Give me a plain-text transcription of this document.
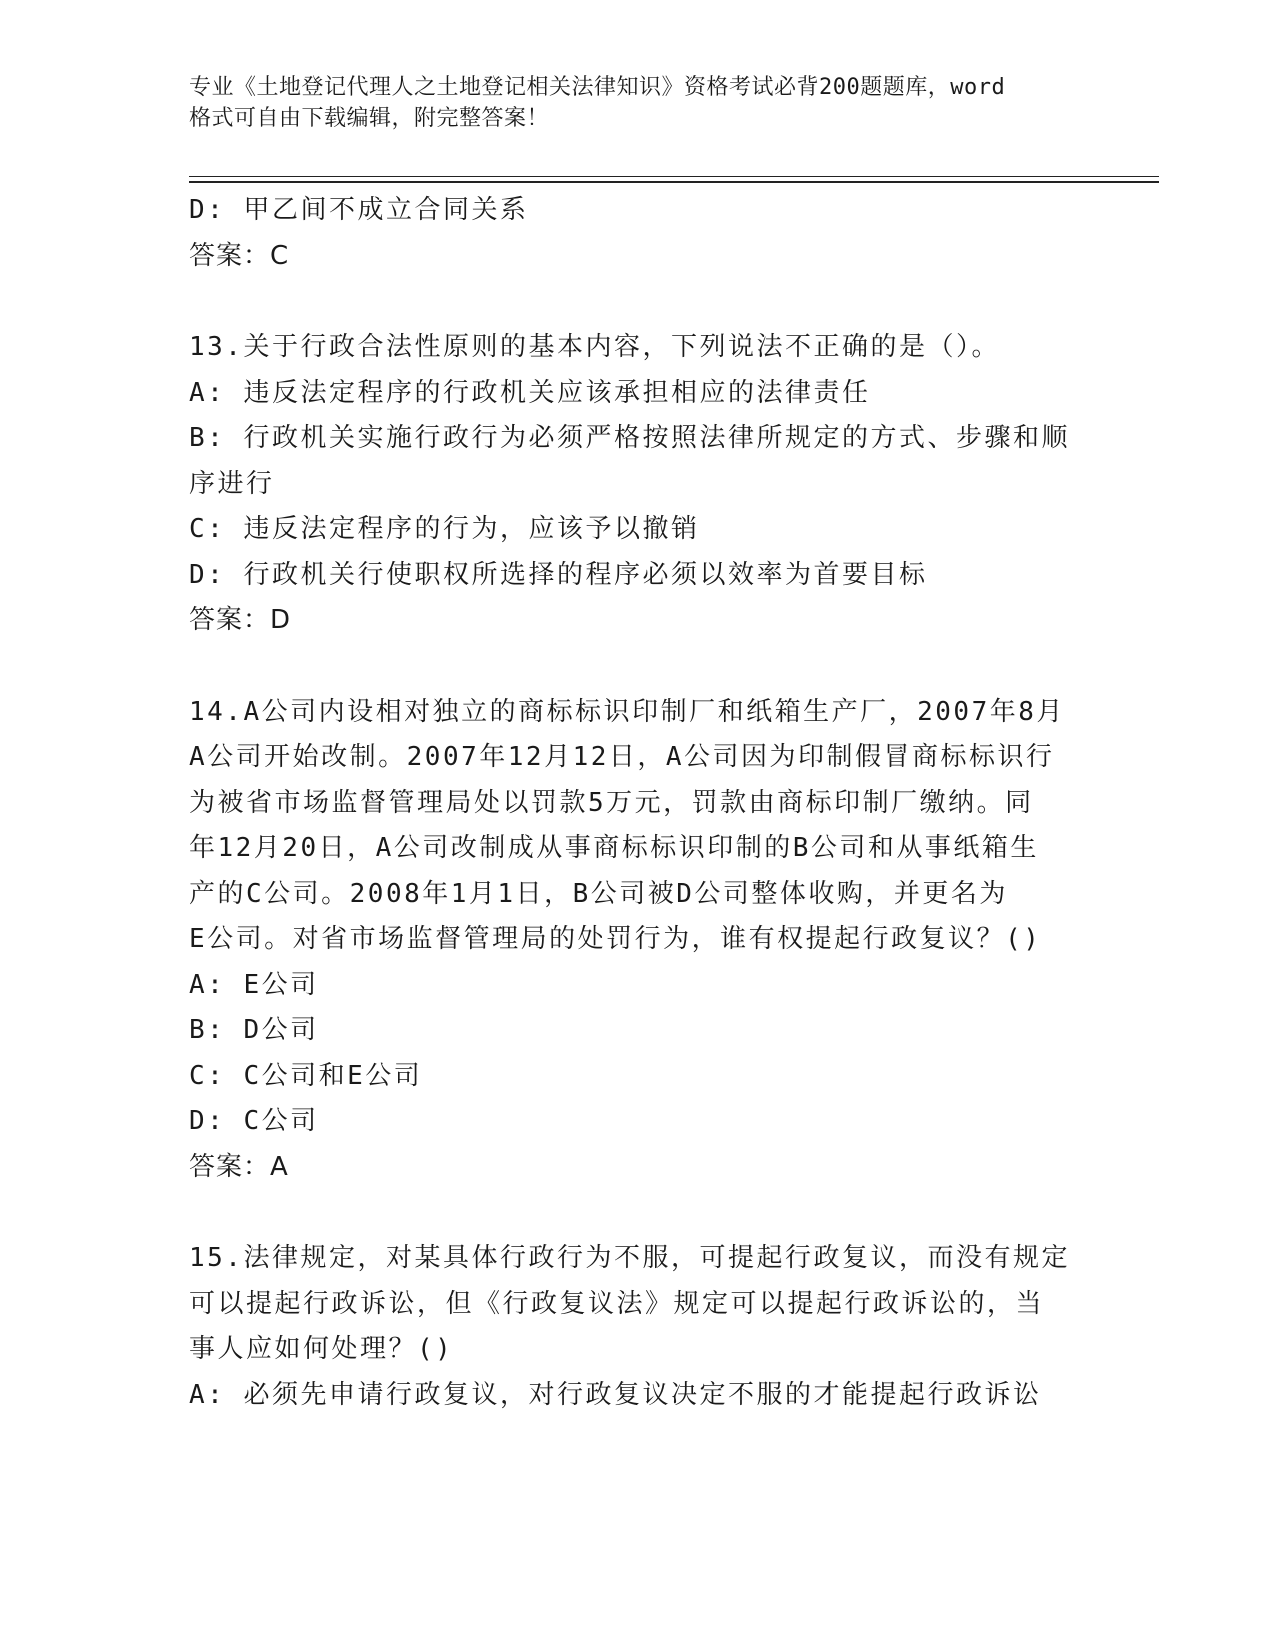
专业《土地登记代理人之土地登记相关法律知识》资格考试必背200题题库，word
格式可自由下载编辑，附完整答案！
D: 甲乙间不成立合同关系
答案：C
13.关于行政合法性原则的基本内容，下列说法不正确的是（）。
A: 违反法定程序的行政机关应该承担相应的法律责任
B: 行政机关实施行政行为必须严格按照法律所规定的方式、步骤和顺
序进行
C: 违反法定程序的行为，应该予以撤销
D: 行政机关行使职权所选择的程序必须以效率为首要目标
答案：D
14.A公司内设相对独立的商标标识印制厂和纸箱生产厂，2007年8月
A公司开始改制。2007年12月12日，A公司因为印制假冒商标标识行
为被省市场监督管理局处以罚款5万元，罚款由商标印制厂缴纳。同
年12月20日，A公司改制成从事商标标识印制的B公司和从事纸箱生
产的C公司。2008年1月1日，B公司被D公司整体收购，并更名为
E公司。对省市场监督管理局的处罚行为，谁有权提起行政复议？()
A: E公司
B: D公司
C: C公司和E公司
D: C公司
答案：A
15.法律规定，对某具体行政行为不服，可提起行政复议，而没有规定
可以提起行政诉讼，但《行政复议法》规定可以提起行政诉讼的，当
事人应如何处理？()
A: 必须先申请行政复议，对行政复议决定不服的才能提起行政诉讼
